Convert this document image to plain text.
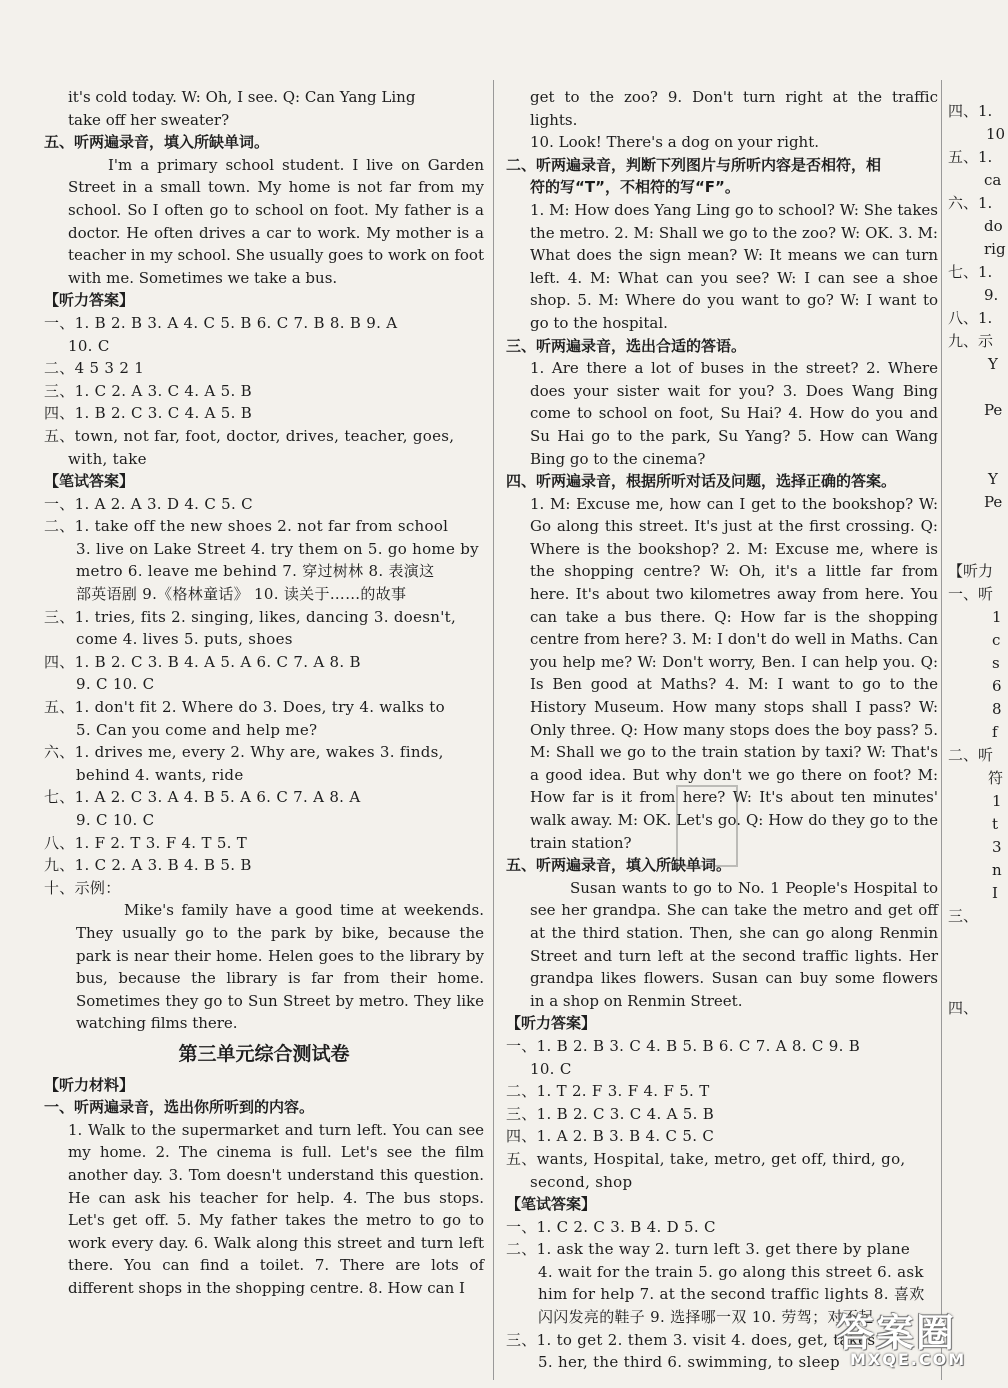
it's cold today. W: Oh, I see. Q: Can Yang Ling

take off her sweater?

五、听两遍录音，填入所缺单词。

I'm a primary school student. I live on Garden Street in a small town. My home is not far from my school. So I often go to school on foot. My father is a doctor. He often drives a car to work. My mother is a teacher in my school. She usually goes to work on foot with me. Sometimes we take a bus.

【听力答案】

一、1. B 2. B 3. A 4. C 5. B 6. C 7. B 8. B 9. A

10. C

二、4 5 3 2 1

三、1. C 2. A 3. C 4. A 5. B

四、1. B 2. C 3. C 4. A 5. B

五、town, not far, foot, doctor, drives, teacher, goes,

with, take

【笔试答案】

一、1. A 2. A 3. D 4. C 5. C

二、1. take off the new shoes 2. not far from school

3. live on Lake Street 4. try them on 5. go home by

metro 6. leave me behind 7. 穿过树林 8. 表演这

部英语剧 9.《格林童话》 10. 读关于……的故事

三、1. tries, fits 2. singing, likes, dancing 3. doesn't,

come 4. lives 5. puts, shoes

四、1. B 2. C 3. B 4. A 5. A 6. C 7. A 8. B

9. C 10. C

五、1. don't fit 2. Where do 3. Does, try 4. walks to

5. Can you come and help me?

六、1. drives me, every 2. Why are, wakes 3. finds,

behind 4. wants, ride

七、1. A 2. C 3. A 4. B 5. A 6. C 7. A 8. A

9. C 10. C

八、1. F 2. T 3. F 4. T 5. T

九、1. C 2. A 3. B 4. B 5. B

十、示例：

Mike's family have a good time at weekends. They usually go to the park by bike, because the park is near their home. Helen goes to the library by bus, because the library is far from their home. Sometimes they go to Sun Street by metro. They like watching films there.

第三单元综合测试卷

【听力材料】

一、听两遍录音，选出你所听到的内容。

1. Walk to the supermarket and turn left. You can see my home. 2. The cinema is full. Let's see the film another day. 3. Tom doesn't understand this question. He can ask his teacher for help. 4. The bus stops. Let's get off. 5. My father takes the metro to go to work every day. 6. Walk along this street and turn left there. You can find a toilet. 7. There are lots of different shops in the shopping centre. 8. How can I

get to the zoo? 9. Don't turn right at the traffic lights.

10. Look! There's a dog on your right.

二、听两遍录音，判断下列图片与所听内容是否相符，相

符的写“T”，不相符的写“F”。

1. M: How does Yang Ling go to school? W: She takes the metro. 2. M: Shall we go to the zoo? W: OK. 3. M: What does the sign mean? W: It means we can turn left. 4. M: What can you see? W: I can see a shoe shop. 5. M: Where do you want to go? W: I want to go to the hospital.

三、听两遍录音，选出合适的答语。

1. Are there a lot of buses in the street? 2. Where does your sister wait for you? 3. Does Wang Bing come to school on foot, Su Hai? 4. How do you and Su Hai go to the park, Su Yang? 5. How can Wang Bing go to the cinema?

四、听两遍录音，根据所听对话及问题，选择正确的答案。

1. M: Excuse me, how can I get to the bookshop? W: Go along this street. It's just at the first crossing. Q: Where is the bookshop? 2. M: Excuse me, where is the shopping centre? W: Oh, it's a little far from here. It's about two kilometres away from here. You can take a bus there. Q: How far is the shopping centre from here? 3. M: I don't do well in Maths. Can you help me? W: Don't worry, Ben. I can help you. Q: Is Ben good at Maths? 4. M: I want to go to the History Museum. How many stops shall I pass? W: Only three. Q: How many stops does the boy pass? 5. M: Shall we go to the train station by taxi? W: That's a good idea. But why don't we go there on foot? M: How far is it from here? W: It's about ten minutes' walk away. M: OK. Let's go. Q: How do they go to the train station?

五、听两遍录音，填入所缺单词。

Susan wants to go to No. 1 People's Hospital to see her grandpa. She can take the metro and get off at the third station. Then, she can go along Renmin Street and turn left at the second traffic lights. Her grandpa likes flowers. Susan can buy some flowers in a shop on Renmin Street.

【听力答案】

一、1. B 2. B 3. C 4. B 5. B 6. C 7. A 8. C 9. B

10. C

二、1. T 2. F 3. F 4. F 5. T

三、1. B 2. C 3. C 4. A 5. B

四、1. A 2. B 3. B 4. C 5. C

五、wants, Hospital, take, metro, get off, third, go,

second, shop

【笔试答案】

一、1. C 2. C 3. B 4. D 5. C

二、1. ask the way 2. turn left 3. get there by plane

4. wait for the train 5. go along this street 6. ask

him for help 7. at the second traffic lights 8. 喜欢

闪闪发亮的鞋子 9. 选择哪一双 10. 劳驾；对不起

三、1. to get 2. them 3. visit 4. does, get, takes

5. her, the third 6. swimming, to sleep

四、1.
10
五、1.
ca
六、1.
do
rig
七、1.
9.
八、1.
九、示
Y
Pe
Y
Pe
【听力
一、听
1
c
s
6
8
f
二、听
符
1
t
3
n
I
三、
四、
答案圈
MXQE.COM
